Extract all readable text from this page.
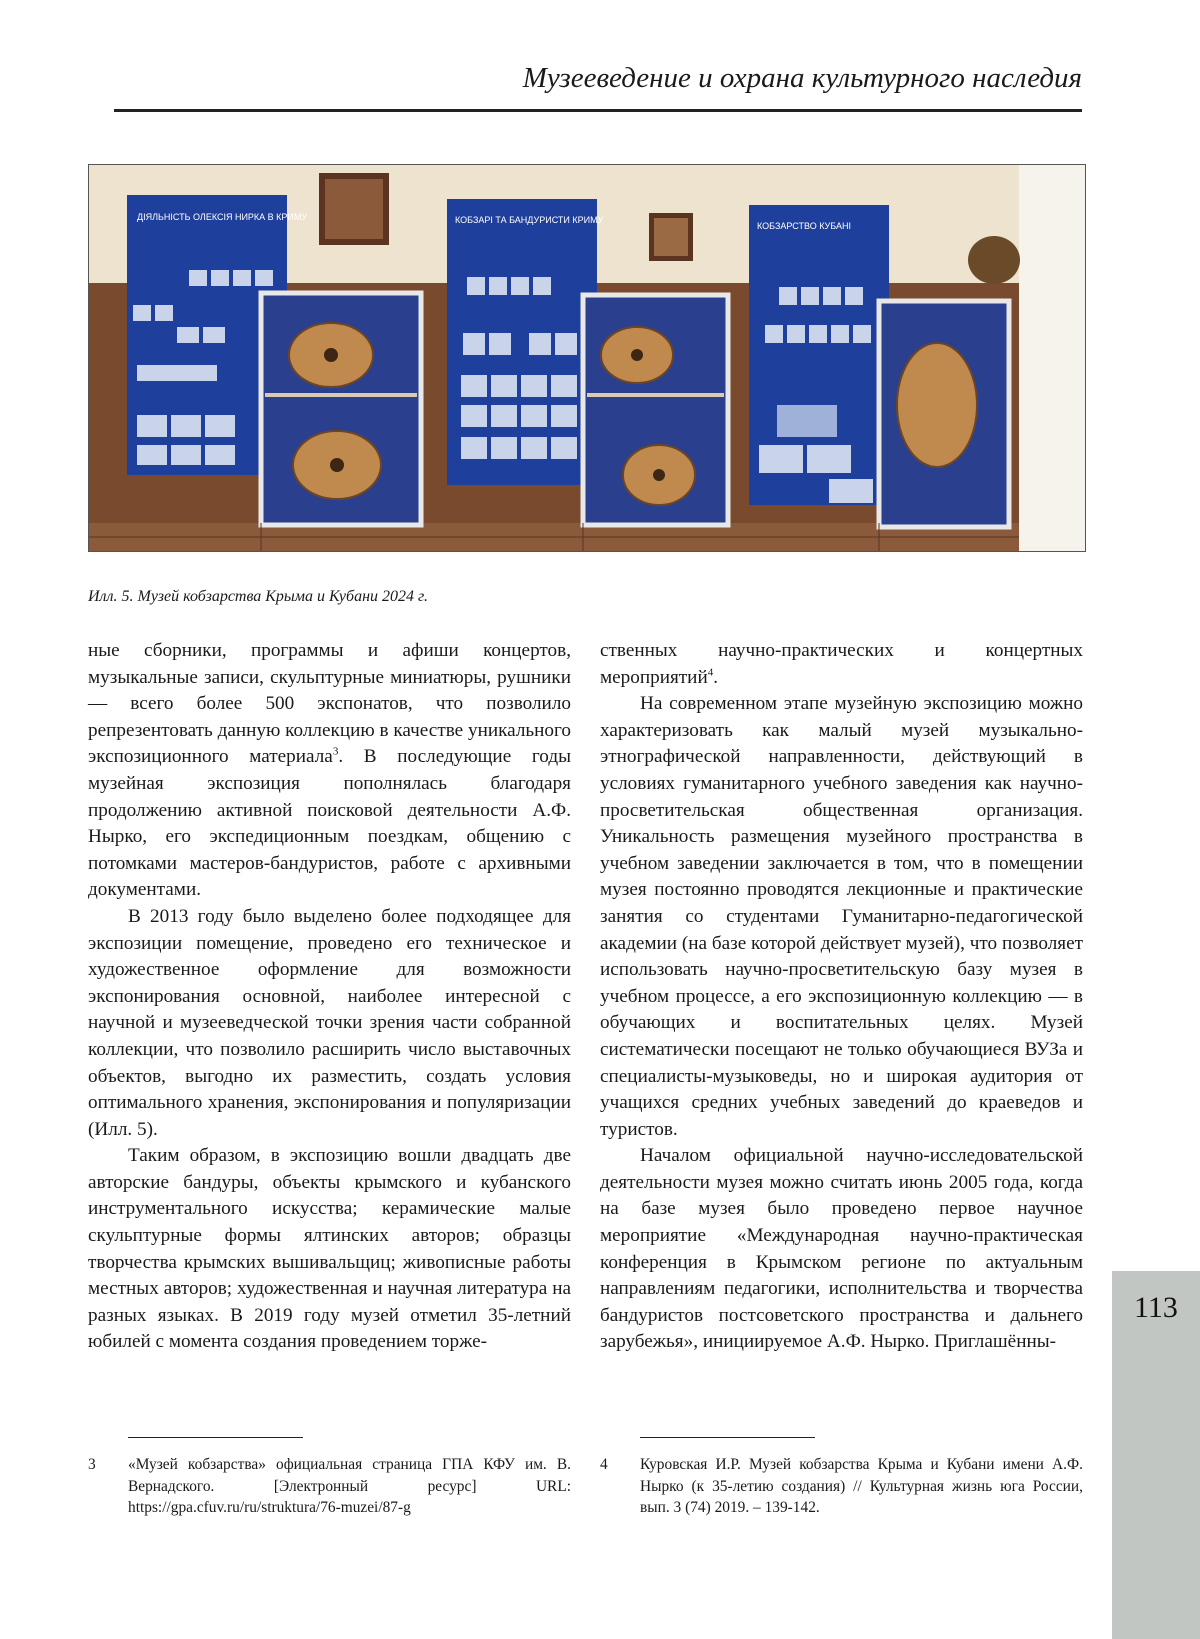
Музееведение и охрана культурного наследия
ДІЯЛЬНІСТЬ ОЛЕКСІЯ НИРКА В КРИМУ	КОБЗАРІ ТА БАНДУРИСТИ КРИМУ
КОБЗАРСТВО КУБАНІ
Илл. 5. Музей кобзарства Крыма и Кубани 2024 г.

ные сборники, программы и афиши концертов, музыкальные записи, скульптурные миниатюры, рушники — всего более 500 экспонатов, что позволило репрезентовать данную коллекцию в качестве уникального экспозиционного материала$^3$. В последующие годы музейная экспозиция пополнялась благодаря продолжению активной поисковой деятельности А.Ф. Нырко, его экспедиционным поездкам, общению с потомками мастеров-бандуристов, работе с архивными документами.

В 2013 году было выделено более подходящее для экспозиции помещение, проведено его техническое и художественное оформление для возможности экспонирования основной, наиболее интересной с научной и музееведческой точки зрения части собранной коллекции, что позволило расширить число выставочных объектов, выгодно их разместить, создать условия оптимального хранения, экспонирования и популяризации (Илл. 5).

Таким образом, в экспозицию вошли двадцать две авторские бандуры, объекты крымского и кубанского инструментального искусства; керамические малые скульптурные формы ялтинских авторов; образцы творчества крымских вышивальщиц; живописные работы местных авторов; художественная и научная литература на разных языках. В 2019 году музей отметил 35-летний юбилей с момента создания проведением торже-

ственных научно-практических и концертных мероприятий$^4$.

На современном этапе музейную экспозицию можно характеризовать как малый музей музыкально-этнографической направленности, действующий в условиях гуманитарного учебного заведения как научно-просветительская общественная организация. Уникальность размещения музейного пространства в учебном заведении заключается в том, что в помещении музея постоянно проводятся лекционные и практические занятия со студентами Гуманитарно-педагогической академии (на базе которой действует музей), что позволяет использовать научно-просветительскую базу музея в учебном процессе, а его экспозиционную коллекцию — в обучающих и воспитательных целях. Музей систематически посещают не только обучающиеся ВУЗа и специалисты-музыковеды, но и широкая аудитория от учащихся средних учебных заведений до краеведов и туристов.

Началом официальной научно-исследовательской деятельности музея можно считать июнь 2005 года, когда на базе музея было проведено первое научное мероприятие «Международная научно-практическая конференция в Крымском регионе по актуальным направлениям педагогики, исполнительства и творчества бандуристов постсоветского пространства и дальнего зарубежья», инициируемое А.Ф. Нырко. Приглашённы-

3 «Музей кобзарства» официальная страница ГПА КФУ им. В. Вернадского. [Электронный ресурс] URL: https://gpa.cfuv.ru/ru/struktura/76-muzei/87-g
4 Куровская И.Р. Музей кобзарства Крыма и Кубани имени А.Ф. Нырко (к 35-летию создания) // Культурная жизнь юга России, вып. 3 (74) 2019. – 139-142.
113
